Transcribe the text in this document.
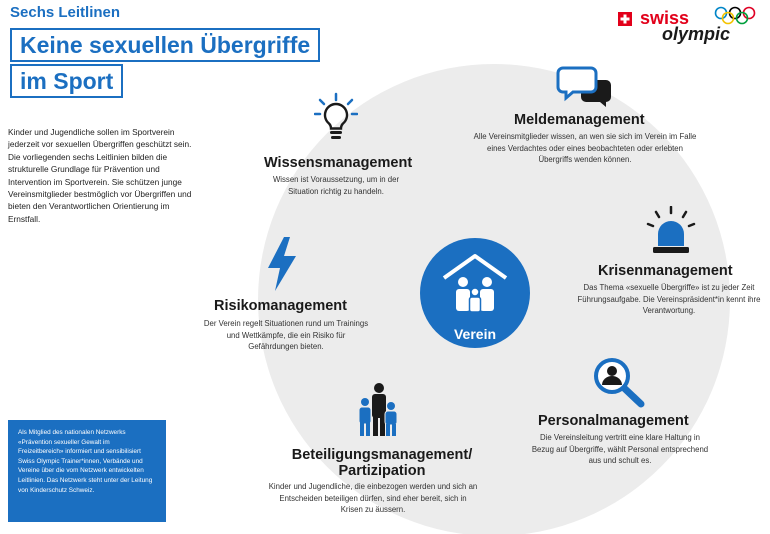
Sechs Leitlinen
Keine sexuellen Übergriffe
im Sport
swiss
olympic

Kinder und Jugendliche sollen im Sportverein jederzeit vor sexuellen Übergriffen geschützt sein. Die vorliegenden sechs Leitlinien bilden die strukturelle Grundlage für Prävention und Intervention im Sportverein. Sie schützen junge Vereinsmitglieder bestmöglich vor Übergriffen und bieten den Verantwortlichen Orientierung im Ernstfall.

Als Mitglied des nationalen Netzwerks «Prävention sexueller Gewalt im Freizeitbereich» informiert und sensibilisiert Swiss Olympic Trainer*innen, Verbände und Vereine über die vom Netzwerk entwickelten Leitlinien. Das Netzwerk steht unter der Leitung von Kinderschutz Schweiz.
Verein
Wissensmanagement
Wissen ist Voraussetzung, um in der Situation richtig zu handeln.
Meldemanagement
Alle Vereinsmitglieder wissen, an wen sie sich im Verein im Falle eines Verdachtes oder eines beobachteten oder erlebten Übergriffs wenden können.
Krisenmanagement
Das Thema «sexuelle Übergriffe» ist zu jeder Zeit Führungsaufgabe. Die Vereinspräsident*in kennt ihre Verantwortung.
Risikomanagement
Der Verein regelt Situationen rund um Trainings und Wettkämpfe, die ein Risiko für Gefährdungen bieten.
Personalmanagement
Die Vereinsleitung vertritt eine klare Haltung in Bezug auf Übergriffe, wählt Personal entsprechend aus und schult es.
Beteiligungsmanagement/
Partizipation
Kinder und Jugendliche, die einbezogen werden und sich an Entscheiden beteiligen dürfen, sind eher bereit, sich in Krisen zu äussern.
